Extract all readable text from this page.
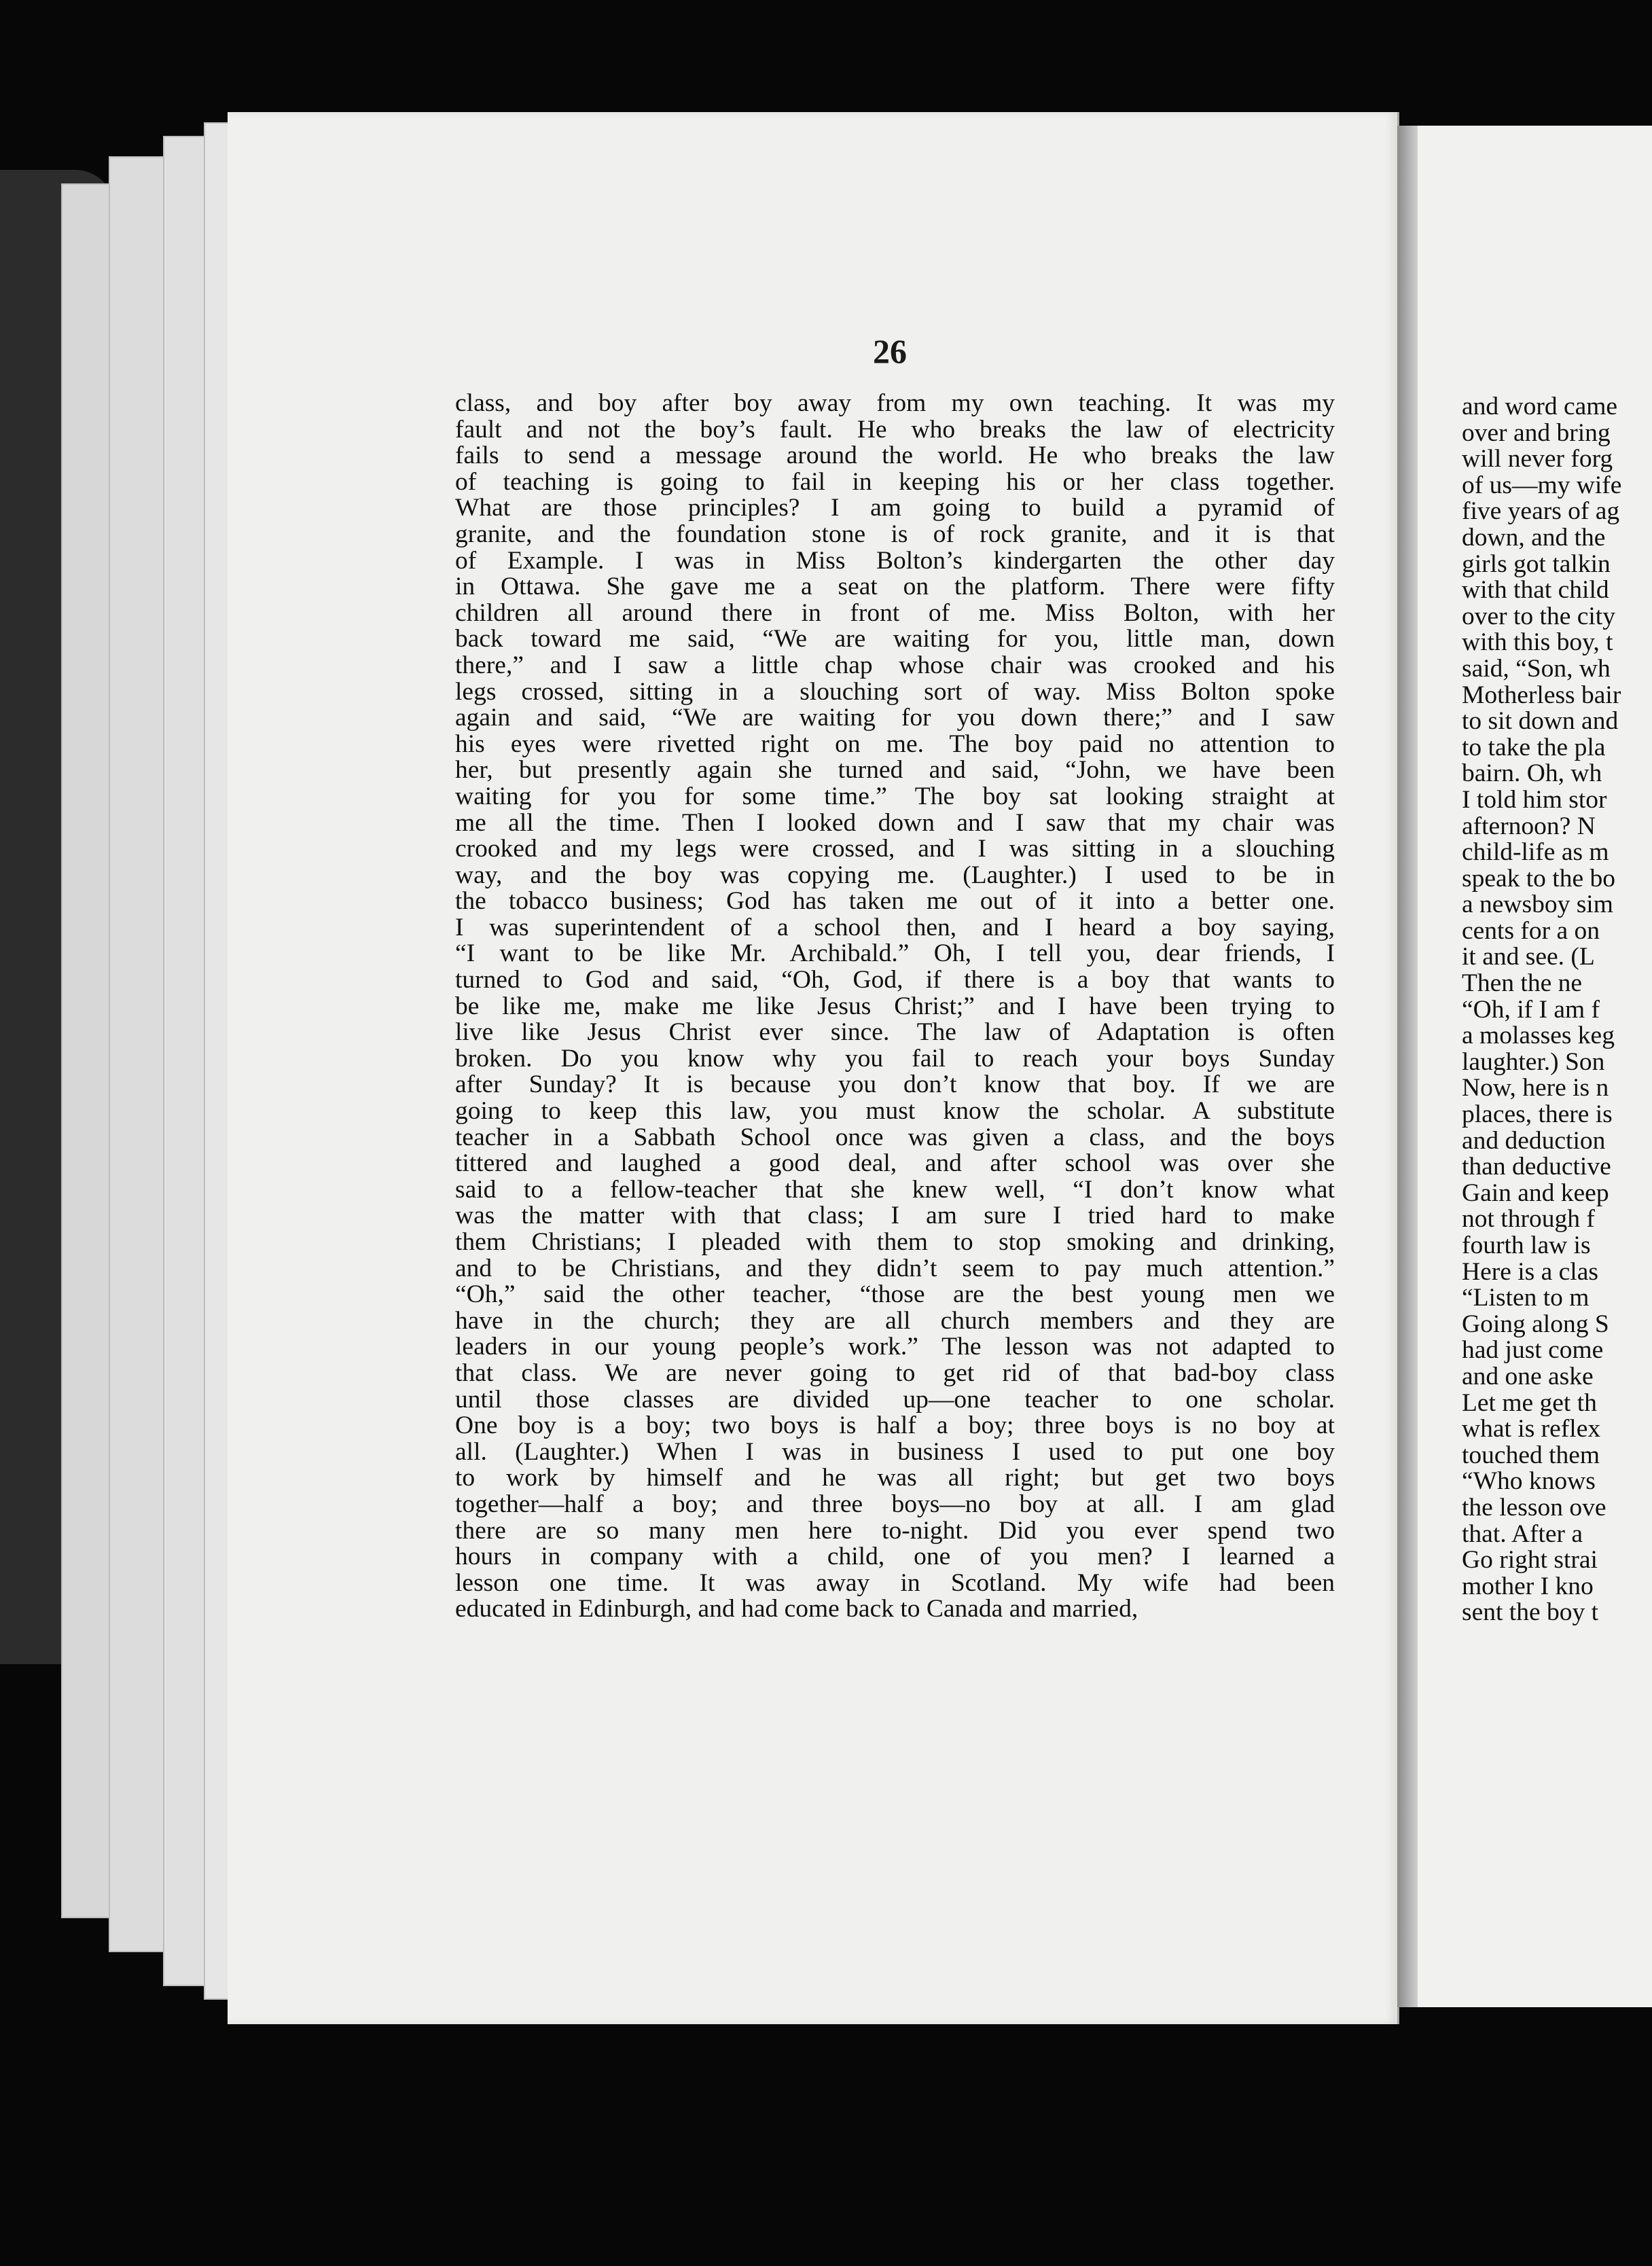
26
class, and boy after boy away from my own teaching. It was my
fault and not the boy’s fault. He who breaks the law of electricity
fails to send a message around the world. He who breaks the law
of teaching is going to fail in keeping his or her class together.
What are those principles? I am going to build a pyramid of
granite, and the foundation stone is of rock granite, and it is that
of Example. I was in Miss Bolton’s kindergarten the other day
in Ottawa. She gave me a seat on the platform. There were fifty
children all around there in front of me. Miss Bolton, with her
back toward me said, “We are waiting for you, little man, down
there,” and I saw a little chap whose chair was crooked and his
legs crossed, sitting in a slouching sort of way. Miss Bolton spoke
again and said, “We are waiting for you down there;” and I saw
his eyes were rivetted right on me. The boy paid no attention to
her, but presently again she turned and said, “John, we have been
waiting for you for some time.” The boy sat looking straight at
me all the time. Then I looked down and I saw that my chair was
crooked and my legs were crossed, and I was sitting in a slouching
way, and the boy was copying me. (Laughter.) I used to be in
the tobacco business; God has taken me out of it into a better one.
I was superintendent of a school then, and I heard a boy saying,
“I want to be like Mr. Archibald.” Oh, I tell you, dear friends, I
turned to God and said, “Oh, God, if there is a boy that wants to
be like me, make me like Jesus Christ;” and I have been trying to
live like Jesus Christ ever since. The law of Adaptation is often
broken. Do you know why you fail to reach your boys Sunday
after Sunday? It is because you don’t know that boy. If we are
going to keep this law, you must know the scholar. A substitute
teacher in a Sabbath School once was given a class, and the boys
tittered and laughed a good deal, and after school was over she
said to a fellow-teacher that she knew well, “I don’t know what
was the matter with that class; I am sure I tried hard to make
them Christians; I pleaded with them to stop smoking and drinking,
and to be Christians, and they didn’t seem to pay much attention.”
“Oh,” said the other teacher, “those are the best young men we
have in the church; they are all church members and they are
leaders in our young people’s work.” The lesson was not adapted to
that class. We are never going to get rid of that bad-boy class
until those classes are divided up—one teacher to one scholar.
One boy is a boy; two boys is half a boy; three boys is no boy at
all. (Laughter.) When I was in business I used to put one boy
to work by himself and he was all right; but get two boys
together—half a boy; and three boys—no boy at all. I am glad
there are so many men here to-night. Did you ever spend two
hours in company with a child, one of you men? I learned a
lesson one time. It was away in Scotland. My wife had been
educated in Edinburgh, and had come back to Canada and married,
and word came
over and bring
will never forg
of us—my wife
five years of ag
down, and the
girls got talkin
with that child
over to the city
with this boy, t
said, “Son, wh
Motherless bair
to sit down and
to take the pla
bairn. Oh, wh
I told him stor
afternoon? N
child-life as m
speak to the bo
a newsboy sim
cents for a on
it and see. (L
Then the ne
“Oh, if I am f
a molasses keg
laughter.) Son
Now, here is n
places, there is
and deduction
than deductive
Gain and keep
not through f
fourth law is
Here is a clas
“Listen to m
Going along S
had just come
and one aske
Let me get th
what is reflex
touched them
“Who knows
the lesson ove
that. After a
Go right strai
mother I kno
sent the boy t
